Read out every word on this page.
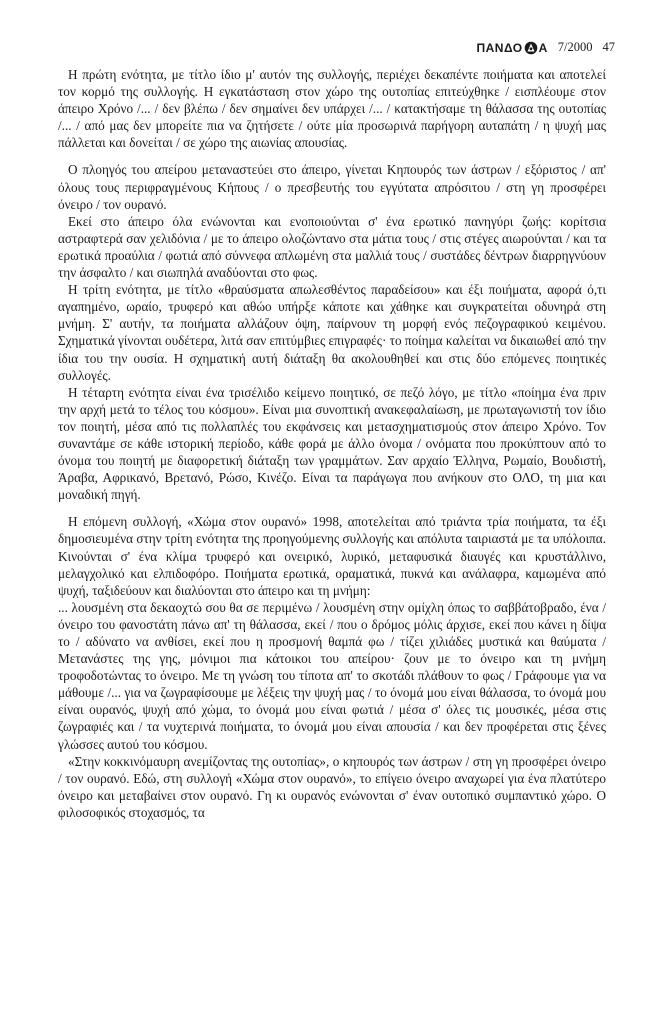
ΠΑΝΔΟ Α 7/2000 47

Η πρώτη ενότητα, με τίτλο ίδιο μ' αυτόν της συλλογής, περιέχει δεκαπέντε ποιήματα και αποτελεί τον κορμό της συλλογής. Η εγκατάσταση στον χώρο της ουτοπίας επιτεύχθηκε / εισπλέουμε στον άπειρο Χρόνο /... / δεν βλέπω / δεν σημαίνει δεν υπάρχει /... / κατακτήσαμε τη θάλασσα της ουτοπίας /... / από μας δεν μπορείτε πια να ζητήσετε / ούτε μία προσωρινά παρήγορη αυταπάτη / η ψυχή μας πάλλεται και δονείται / σε χώρο της αιωνίας απουσίας.

Ο πλοηγός του απείρου μεταναστεύει στο άπειρο, γίνεται Κηπουρός των άστρων / εξόριστος / απ' όλους τους περιφραγμένους Κήπους / ο πρεσβευτής του εγγύτατα απρόσιτου / στη γη προσφέρει όνειρο / τον ουρανό.

Εκεί στο άπειρο όλα ενώνονται και ενοποιούνται σ' ένα ερωτικό πανηγύρι ζωής: κορίτσια αστραφτερά σαν χελιδόνια / με το άπειρο ολοζώντανο στα μάτια τους / στις στέγες αιωρούνται / και τα ερωτικά προαύλια / φωτιά από σύννεφα απλωμένη στα μαλλιά τους / συστάδες δέντρων διαρρηγνύουν την άσφαλτο / και σιωπηλά αναδύονται στο φως.

Η τρίτη ενότητα, με τίτλο «θραύσματα απωλεσθέντος παραδείσου» και έξι ποιήματα, αφορά ό,τι αγαπημένο, ωραίο, τρυφερό και αθώο υπήρξε κάποτε και χάθηκε και συγκρατείται οδυνηρά στη μνήμη. Σ' αυτήν, τα ποιήματα αλλάζουν όψη, παίρνουν τη μορφή ενός πεζογραφικού κειμένου. Σχηματικά γίνονται ουδέτερα, λιτά σαν επιτύμβιες επιγραφές· το ποίημα καλείται να δικαιωθεί από την ίδια του την ουσία. Η σχηματική αυτή διάταξη θα ακολουθηθεί και στις δύο επόμενες ποιητικές συλλογές.

Η τέταρτη ενότητα είναι ένα τρισέλιδο κείμενο ποιητικό, σε πεζό λόγο, με τίτλο «ποίημα ένα πριν την αρχή μετά το τέλος του κόσμου». Είναι μια συνοπτική ανακεφαλαίωση, με πρωταγωνιστή τον ίδιο τον ποιητή, μέσα από τις πολλαπλές του εκφάνσεις και μετασχηματισμούς στον άπειρο Χρόνο. Τον συναντάμε σε κάθε ιστορική περίοδο, κάθε φορά με άλλο όνομα / ονόματα που προκύπτουν από το όνομα του ποιητή με διαφορετική διάταξη των γραμμάτων. Σαν αρχαίο Έλληνα, Ρωμαίο, Βουδιστή, Άραβα, Αφρικανό, Βρετανό, Ρώσο, Κινέζο. Είναι τα παράγωγα που ανήκουν στο ΟΛΟ, τη μια και μοναδική πηγή.

Η επόμενη συλλογή, «Χώμα στον ουρανό» 1998, αποτελείται από τριάντα τρία ποιήματα, τα έξι δημοσιευμένα στην τρίτη ενότητα της προηγούμενης συλλογής και απόλυτα ταιριαστά με τα υπόλοιπα. Κινούνται σ' ένα κλίμα τρυφερό και ονειρικό, λυρικό, μεταφυσικά διαυγές και κρυστάλλινο, μελαγχολικό και ελπιδοφόρο. Ποιήματα ερωτικά, οραματικά, πυκνά και ανάλαφρα, καμωμένα από ψυχή, ταξιδεύουν και διαλύονται στο άπειρο και τη μνήμη:

... λουσμένη στα δεκαοχτώ σου θα σε περιμένω / λουσμένη στην ομίχλη όπως το σαββάτοβραδο, ένα / όνειρο του φανοστάτη πάνω απ' τη θάλασσα, εκεί / που ο δρόμος μόλις άρχισε, εκεί που κάνει η δίψα το / αδύνατο να ανθίσει, εκεί που η προσμονή θαμπά φω / τίζει χιλιάδες μυστικά και θαύματα / Μετανάστες της γης, μόνιμοι πια κάτοικοι του απείρου· ζουν με το όνειρο και τη μνήμη τροφοδοτώντας το όνειρο. Με τη γνώση του τίποτα απ' το σκοτάδι πλάθουν το φως / Γράφουμε για να μάθουμε /... για να ζωγραφίσουμε με λέξεις την ψυχή μας / το όνομά μου είναι θάλασσα, το όνομά μου είναι ουρανός, ψυχή από χώμα, το όνομά μου είναι φωτιά / μέσα σ' όλες τις μουσικές, μέσα στις ζωγραφιές και / τα νυχτερινά ποιήματα, το όνομά μου είναι απουσία / και δεν προφέρεται στις ξένες γλώσσες αυτού του κόσμου.

«Στην κοκκινόμαυρη ανεμίζοντας της ουτοπίας», ο κηπουρός των άστρων / στη γη προσφέρει όνειρο / τον ουρανό. Εδώ, στη συλλογή «Χώμα στον ουρανό», το επίγειο όνειρο αναχωρεί για ένα πλατύτερο όνειρο και μεταβαίνει στον ουρανό. Γη κι ουρανός ενώνονται σ' έναν ουτοπικό συμπαντικό χώρο. Ο φιλοσοφικός στοχασμός, τα
